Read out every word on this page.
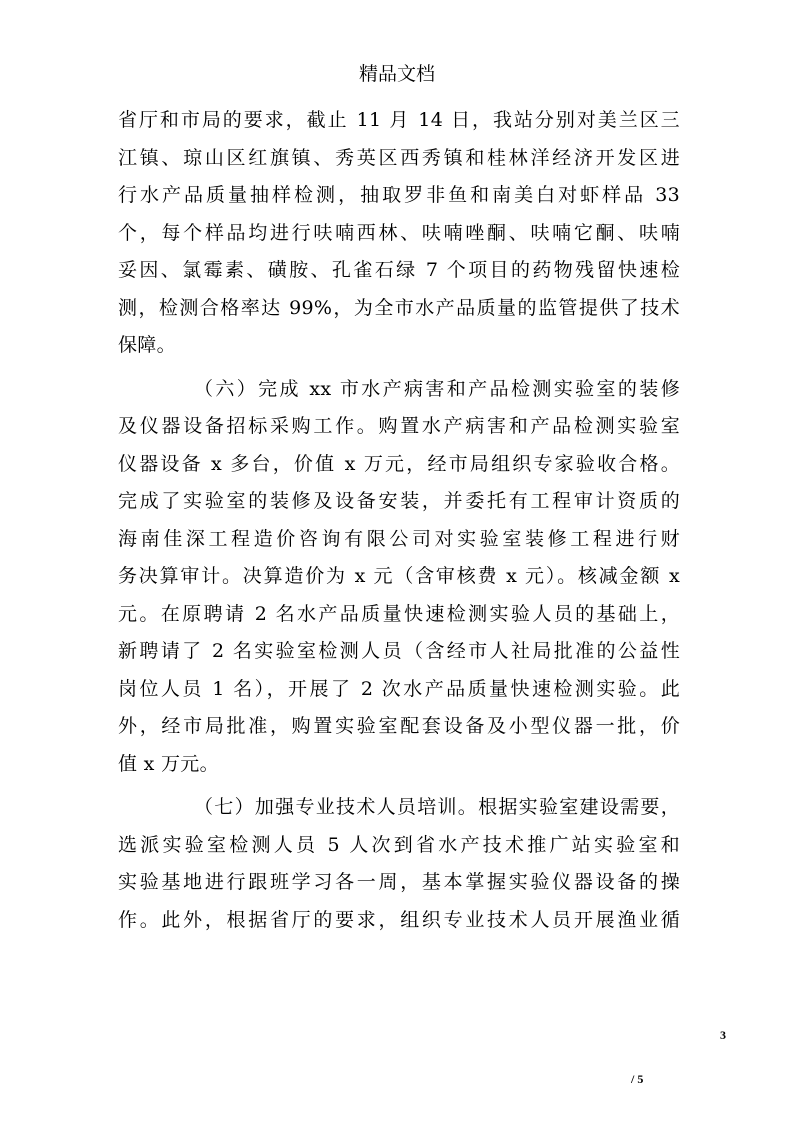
精品文档
省厅和市局的要求，截止 11 月 14 日，我站分别对美兰区三
江镇、琼山区红旗镇、秀英区西秀镇和桂林洋经济开发区进
行水产品质量抽样检测，抽取罗非鱼和南美白对虾样品 33
个，每个样品均进行呋喃西林、呋喃唑酮、呋喃它酮、呋喃
妥因、氯霉素、磺胺、孔雀石绿 7 个项目的药物残留快速检
测，检测合格率达 99%，为全市水产品质量的监管提供了技术
保障。
（六）完成 xx 市水产病害和产品检测实验室的装修
及仪器设备招标采购工作。购置水产病害和产品检测实验室
仪器设备 x 多台，价值 x 万元，经市局组织专家验收合格。
完成了实验室的装修及设备安装，并委托有工程审计资质的
海南佳深工程造价咨询有限公司对实验室装修工程进行财
务决算审计。决算造价为 x 元（含审核费 x 元）。核减金额 x
元。在原聘请 2 名水产品质量快速检测实验人员的基础上，
新聘请了 2 名实验室检测人员（含经市人社局批准的公益性
岗位人员 1 名），开展了 2 次水产品质量快速检测实验。此
外，经市局批准，购置实验室配套设备及小型仪器一批，价
值 x 万元。
（七）加强专业技术人员培训。根据实验室建设需要，
选派实验室检测人员 5 人次到省水产技术推广站实验室和
实验基地进行跟班学习各一周，基本掌握实验仪器设备的操
作。此外，根据省厅的要求，组织专业技术人员开展渔业循
3
/ 5
